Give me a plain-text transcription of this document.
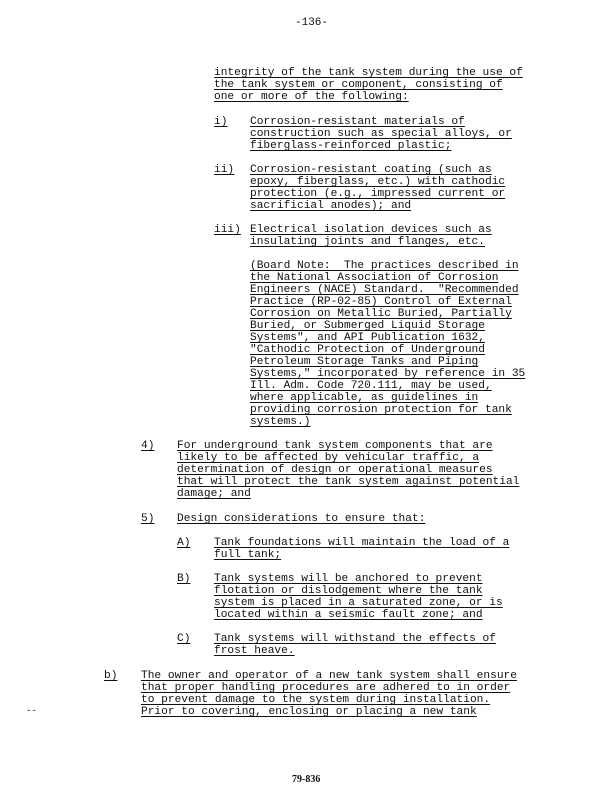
-136-
integrity of the tank system during the use of
the tank system or component, consisting of
one or more of the following:
i) Corrosion-resistant materials of
construction such as special alloys, or
fiberglass-reinforced plastic;
ii) Corrosion-resistant coating (such as
epoxy, fiberglass, etc.) with cathodic
protection (e.g., impressed current or
sacrificial anodes); and
iii) Electrical isolation devices such as
insulating joints and flanges, etc.
(Board Note:  The practices described in
the National Association of Corrosion
Engineers (NACE) Standard.  "Recommended
Practice (RP-02-85) Control of External
Corrosion on Metallic Buried, Partially
Buried, or Submerged Liquid Storage
Systems", and API Publication 1632,
"Cathodic Protection of Underground
Petroleum Storage Tanks and Piping
Systems," incorporated by reference in 35
Ill. Adm. Code 720.111, may be used,
where applicable, as guidelines in
providing corrosion protection for tank
systems.)
4) For underground tank system components that are
likely to be affected by vehicular traffic, a
determination of design or operational measures
that will protect the tank system against potential
damage; and
5) Design considerations to ensure that:
A) Tank foundations will maintain the load of a
full tank;
B) Tank systems will be anchored to prevent
flotation or dislodgement where the tank
system is placed in a saturated zone, or is
located within a seismic fault zone; and
C) Tank systems will withstand the effects of
frost heave.
b) The owner and operator of a new tank system shall ensure
that proper handling procedures are adhered to in order
to prevent damage to the system during installation.
Prior to covering, enclosing or placing a new tank
--
79-836
